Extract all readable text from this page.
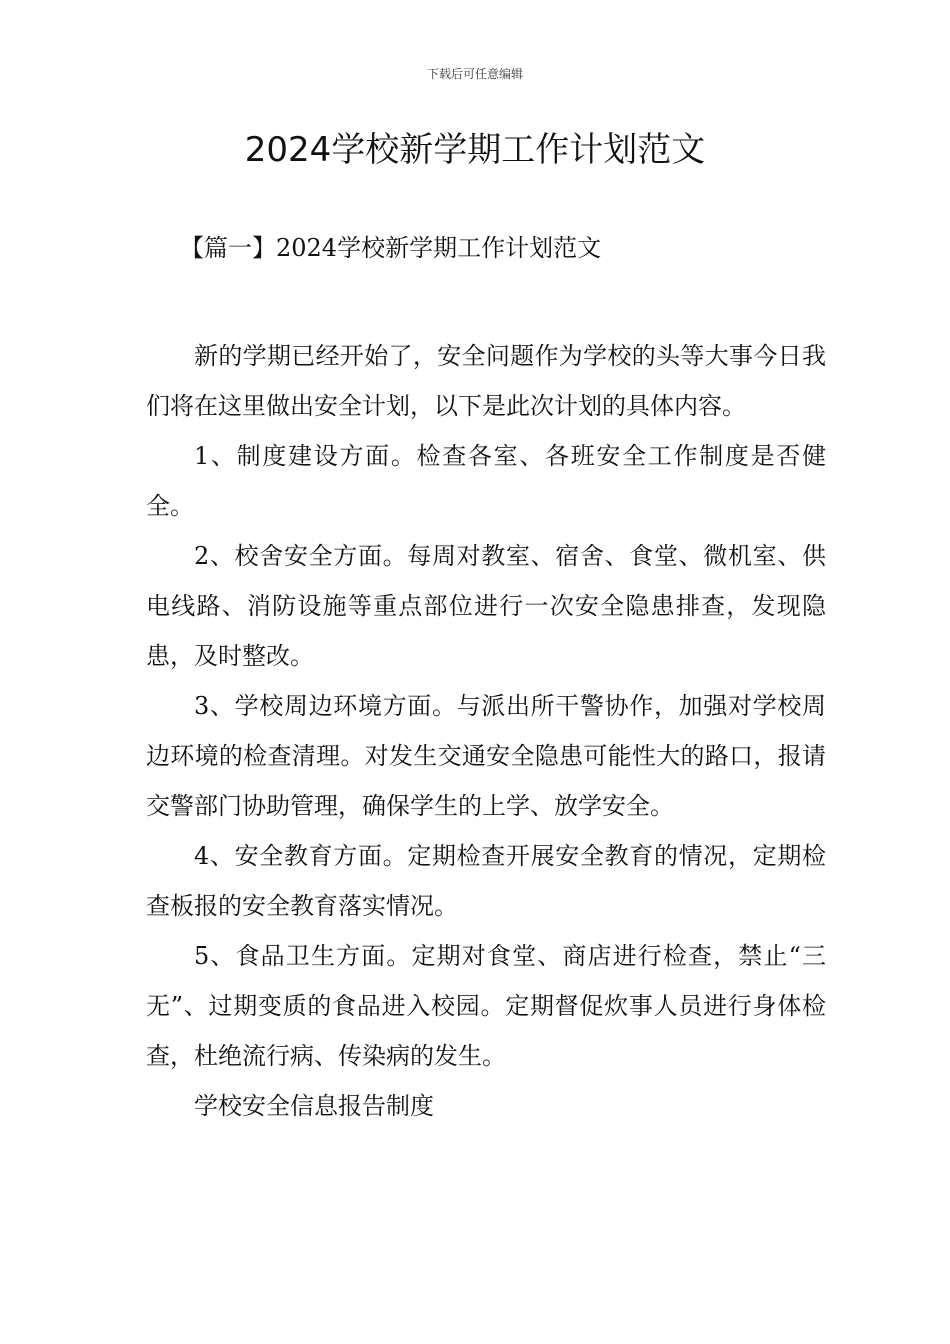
下载后可任意编辑
2024学校新学期工作计划范文
【篇一】2024学校新学期工作计划范文

新的学期已经开始了，安全问题作为学校的头等大事今日我们将在这里做出安全计划，以下是此次计划的具体内容。

1、制度建设方面。检查各室、各班安全工作制度是否健全。

2、校舍安全方面。每周对教室、宿舍、食堂、微机室、供电线路、消防设施等重点部位进行一次安全隐患排查，发现隐患，及时整改。

3、学校周边环境方面。与派出所干警协作，加强对学校周边环境的检查清理。对发生交通安全隐患可能性大的路口，报请交警部门协助管理，确保学生的上学、放学安全。

4、安全教育方面。定期检查开展安全教育的情况，定期检查板报的安全教育落实情况。

5、食品卫生方面。定期对食堂、商店进行检查，禁止“三无”、过期变质的食品进入校园。定期督促炊事人员进行身体检查，杜绝流行病、传染病的发生。

学校安全信息报告制度
